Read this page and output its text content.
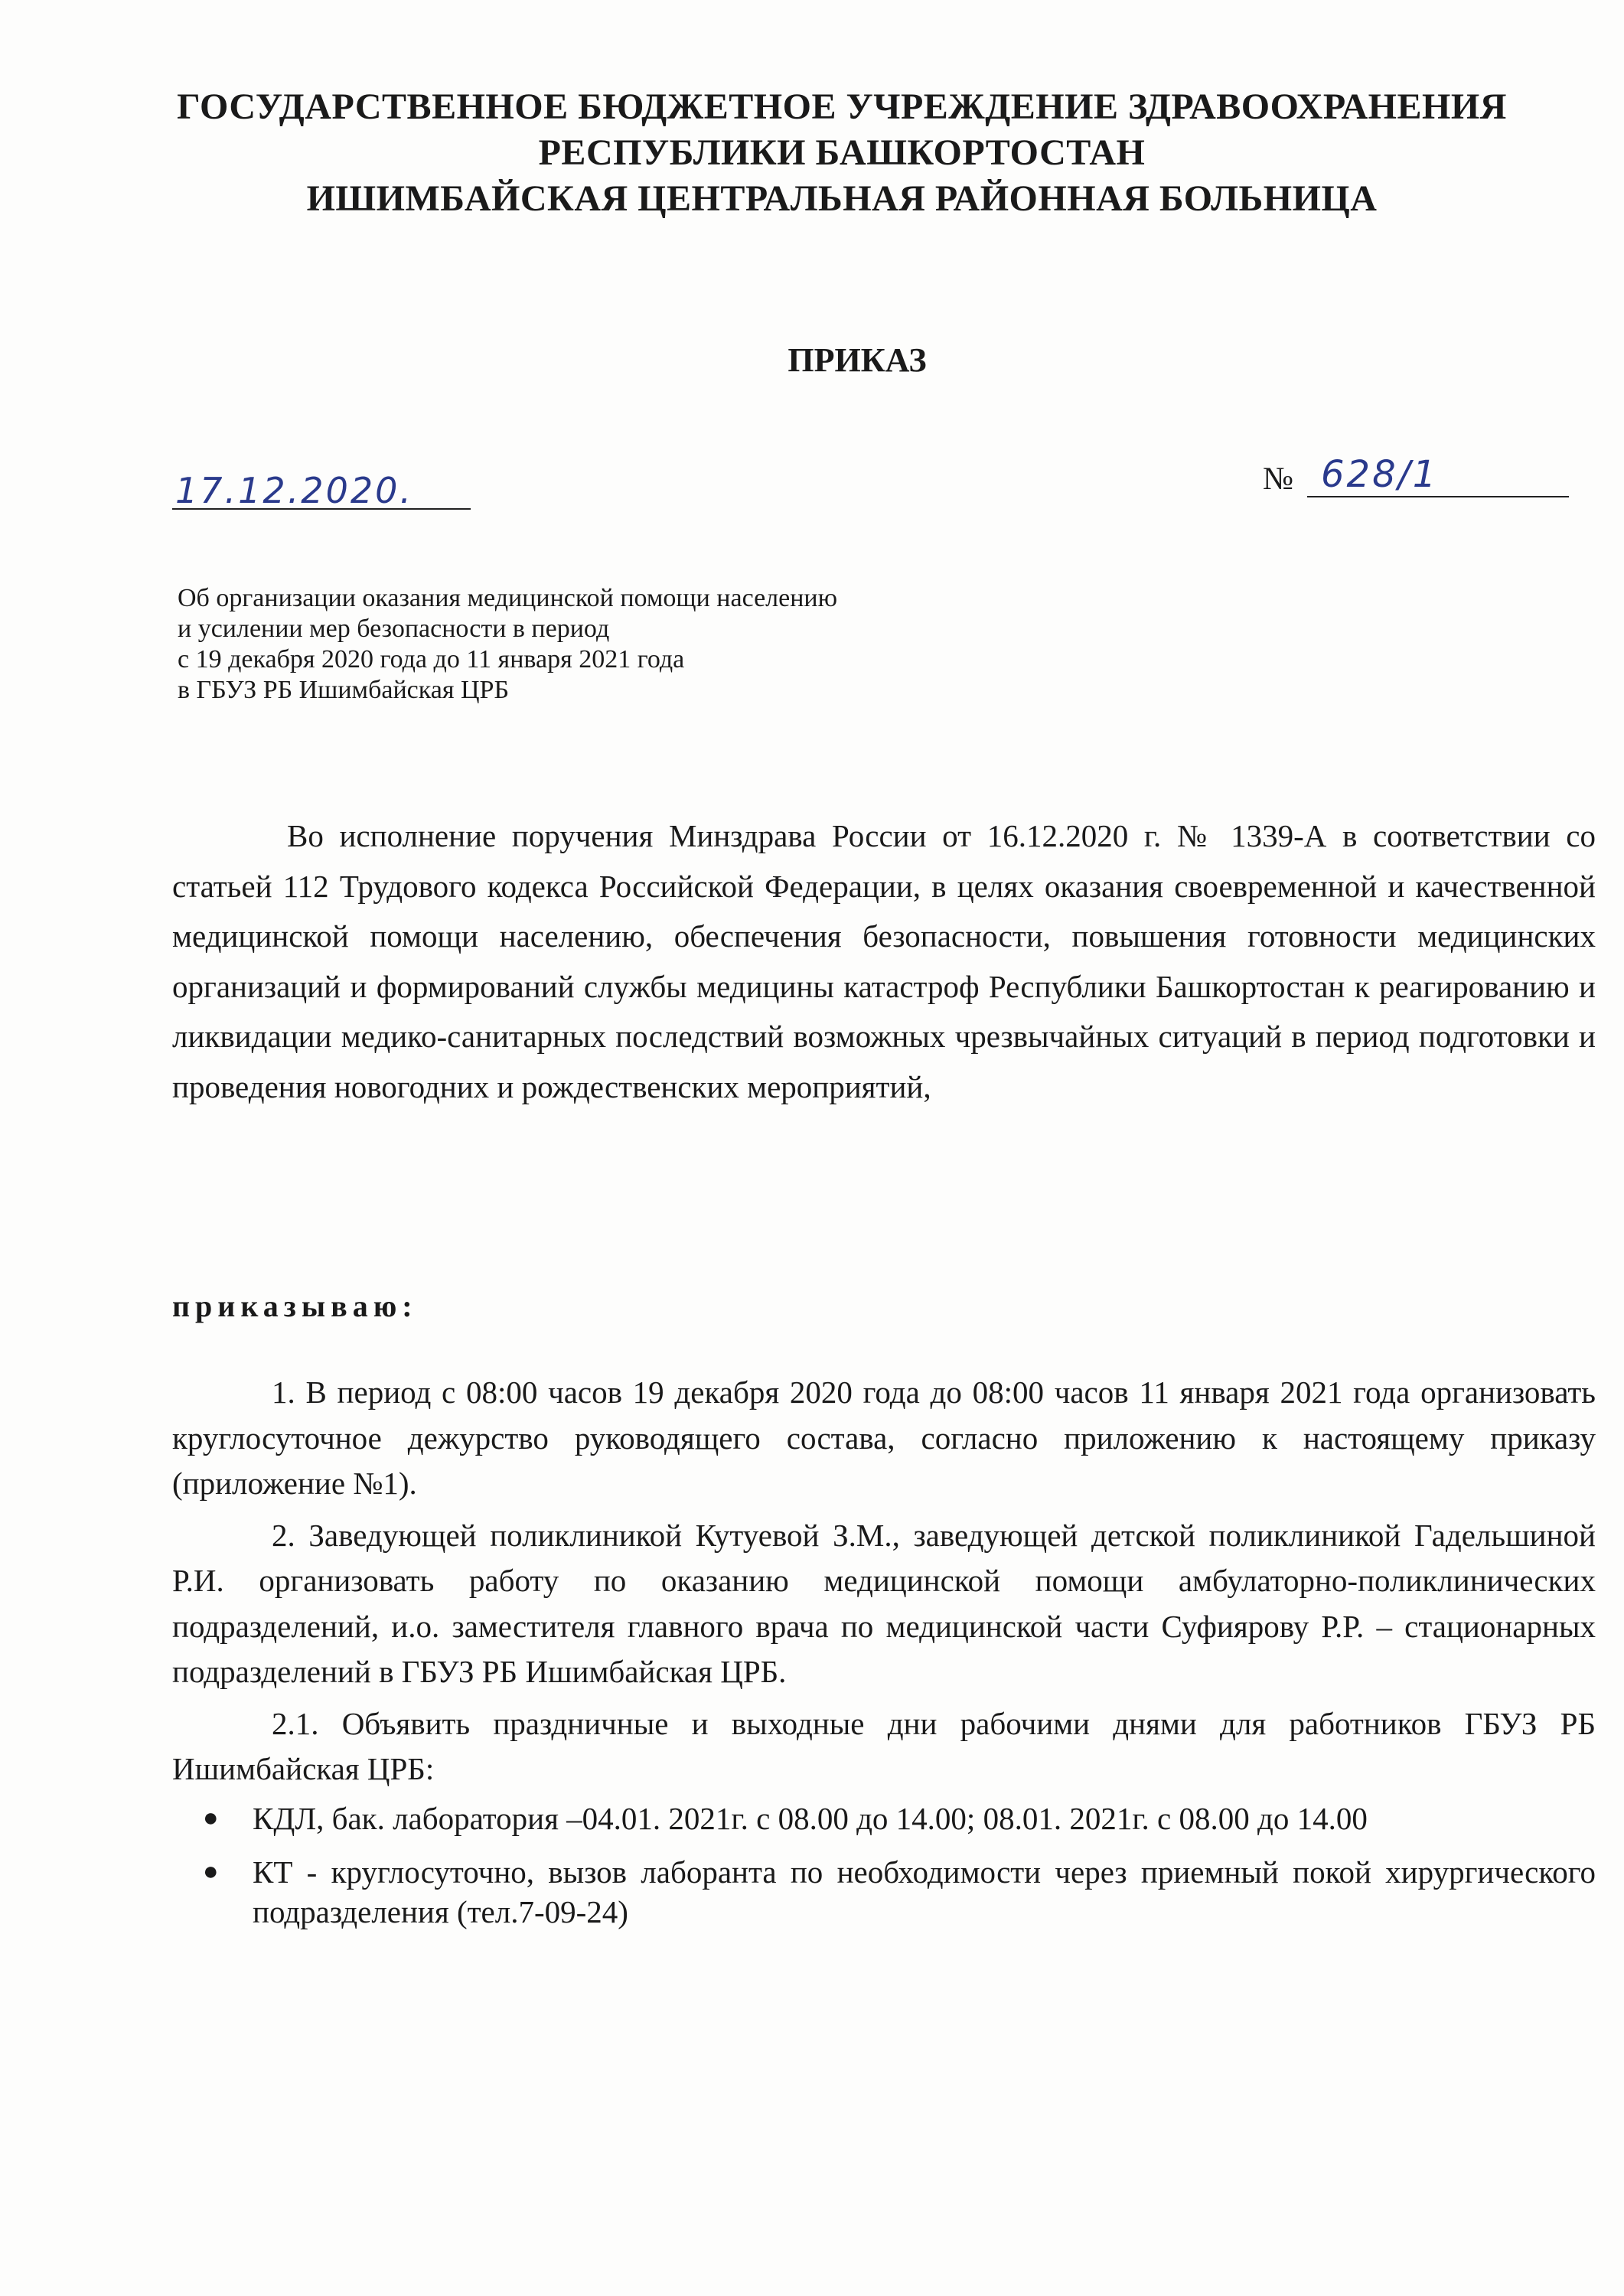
ГОСУДАРСТВЕННОЕ БЮДЖЕТНОЕ УЧРЕЖДЕНИЕ ЗДРАВООХРАНЕНИЯ
РЕСПУБЛИКИ БАШКОРТОСТАН
ИШИМБАЙСКАЯ ЦЕНТРАЛЬНАЯ РАЙОННАЯ БОЛЬНИЦА
ПРИКАЗ
17.12.2020.	№ 628/1
Об организации оказания медицинской помощи населению
и усилении мер безопасности в период
с 19 декабря 2020 года до 11 января 2021 года
в ГБУЗ РБ Ишимбайская ЦРБ

Во исполнение поручения Минздрава России от 16.12.2020 г. № 1339-А в соответствии со статьей 112 Трудового кодекса Российской Федерации, в целях оказания своевременной и качественной медицинской помощи населению, обеспечения безопасности, повышения готовности медицинских организаций и формирований службы медицины катастроф Республики Башкортостан к реагированию и ликвидации медико-санитарных последствий возможных чрезвычайных ситуаций в период подготовки и проведения новогодних и рождественских мероприятий,

приказываю:

1. В период с 08:00 часов 19 декабря 2020 года до 08:00 часов 11 января 2021 года организовать круглосуточное дежурство руководящего состава, согласно приложению к настоящему приказу (приложение №1).

2. Заведующей поликлиникой Кутуевой З.М., заведующей детской поликлиникой Гадельшиной Р.И. организовать работу по оказанию медицинской помощи амбулаторно-поликлинических подразделений, и.о. заместителя главного врача по медицинской части Суфиярову Р.Р. – стационарных подразделений в ГБУЗ РБ Ишимбайская ЦРБ.

2.1. Объявить праздничные и выходные дни рабочими днями для работников ГБУЗ РБ Ишимбайская ЦРБ:

● КДЛ, бак. лаборатория –04.01. 2021г. с 08.00 до 14.00; 08.01. 2021г. с 08.00 до 14.00
● КТ - круглосуточно, вызов лаборанта по необходимости через приемный покой хирургического подразделения (тел.7-09-24)
